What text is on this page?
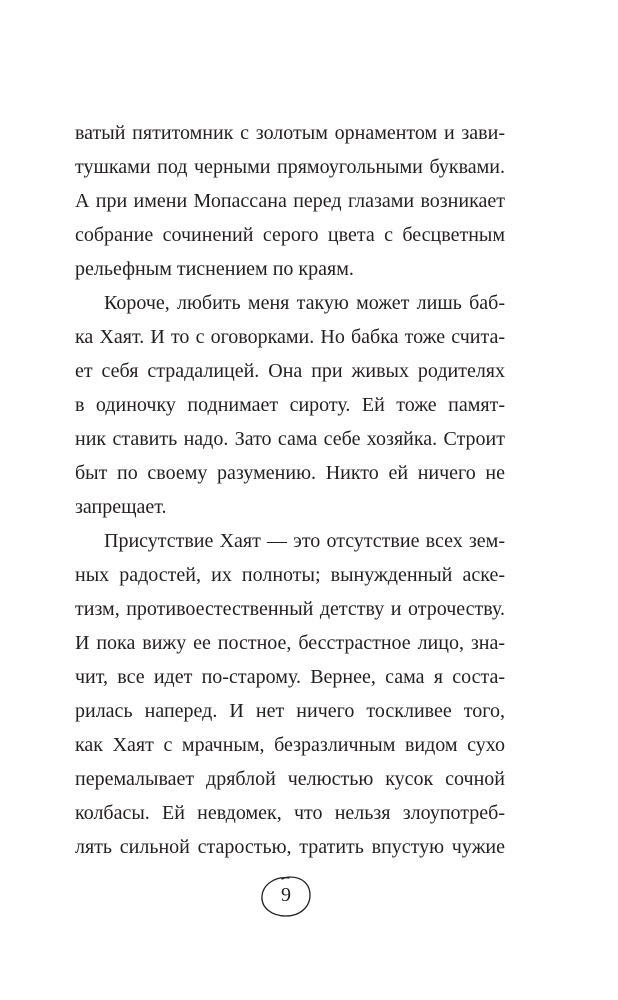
ватый пятитомник с золотым орнаментом и зави-
тушками под черными прямоугольными буквами.
А при имени Мопассана перед глазами возникает
собрание сочинений серого цвета с бесцветным
рельефным тиснением по краям.
Короче, любить меня такую может лишь баб-
ка Хаят. И то с оговорками. Но бабка тоже счита-
ет себя страдалицей. Она при живых родителях
в одиночку поднимает сироту. Ей тоже памят-
ник ставить надо. Зато сама себе хозяйка. Строит
быт по своему разумению. Никто ей ничего не
запрещает.
Присутствие Хаят — это отсутствие всех зем-
ных радостей, их полноты; вынужденный аске-
тизм, противоестественный детству и отрочеству.
И пока вижу ее постное, бесстрастное лицо, зна-
чит, все идет по-старому. Вернее, сама я соста-
рилась наперед. И нет ничего тоскливее того,
как Хаят с мрачным, безразличным видом сухо
перемалывает дряблой челюстью кусок сочной
колбасы. Ей невдомек, что нельзя злоупотреб-
лять сильной старостью, тратить впустую чужие
9
